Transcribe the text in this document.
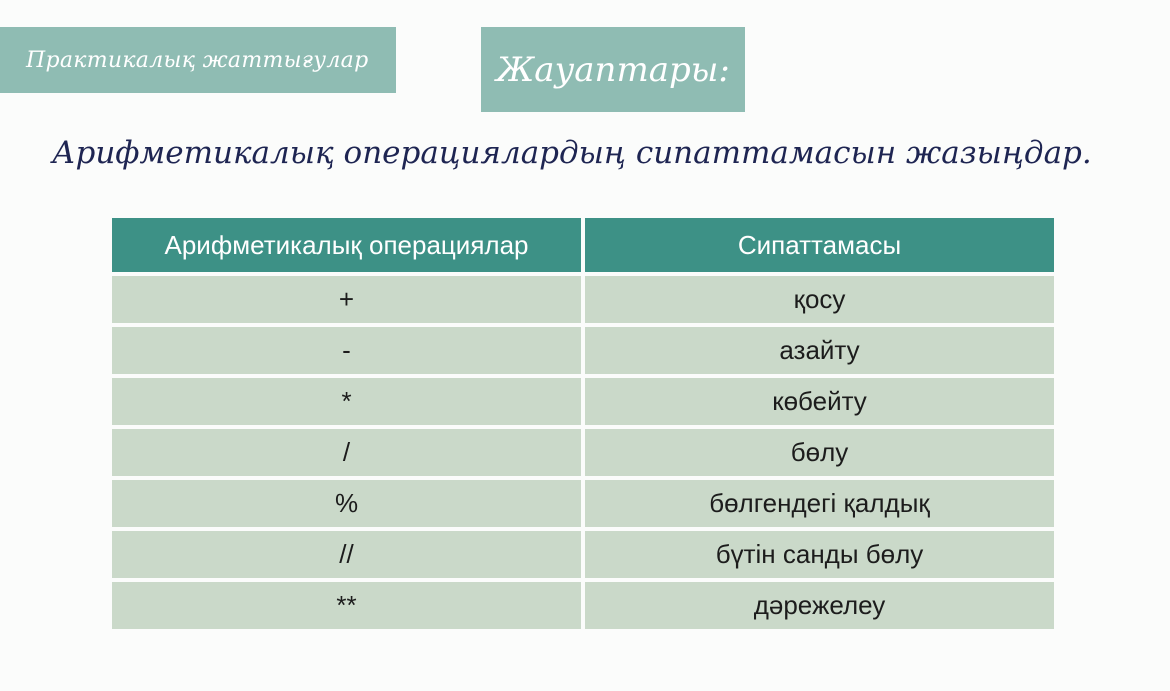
Практикалық жаттығулар	Жауаптары:
Арифметикалық операциялардың сипаттамасын жазыңдар.
Арифметикалық операциялар	Сипаттамасы
+	қосу
-	азайту
*	көбейту
/	бөлу
%	бөлгендегі қалдық
//	бүтін санды бөлу
**	дәрежелеу
